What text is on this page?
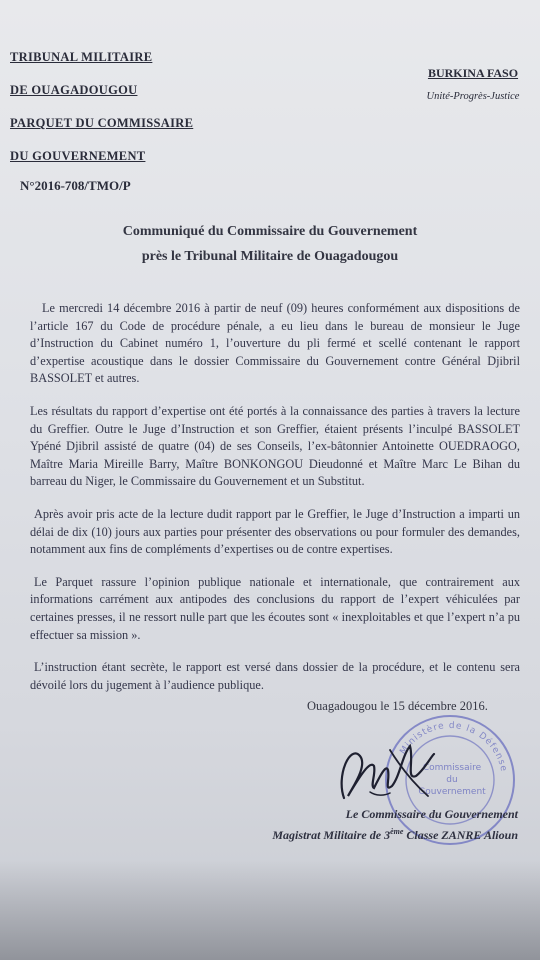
TRIBUNAL MILITAIRE
DE OUAGADOUGOU
PARQUET DU COMMISSAIRE
DU GOUVERNEMENT
BURKINA FASO
Unité-Progrès-Justice
N°2016-708/TMO/P
Communiqué du Commissaire du Gouvernement
près le Tribunal Militaire de Ouagadougou

Le mercredi 14 décembre 2016 à partir de neuf (09) heures conformément aux dispositions de l’article 167 du Code de procédure pénale, a eu lieu dans le bureau de monsieur le Juge d’Instruction du Cabinet numéro 1, l’ouverture du pli fermé et scellé contenant le rapport d’expertise acoustique dans le dossier Commissaire du Gouvernement contre Général Djibril BASSOLET et autres.

Les résultats du rapport d’expertise ont été portés à la connaissance des parties à travers la lecture du Greffier. Outre le Juge d’Instruction et son Greffier, étaient présents l’inculpé BASSOLET Ypéné Djibril assisté de quatre (04) de ses Conseils, l’ex-bâtonnier Antoinette OUEDRAOGO, Maître Maria Mireille Barry, Maître BONKONGOU Dieudonné et Maître Marc Le Bihan du barreau du Niger, le Commissaire du Gouvernement et un Substitut.

Après avoir pris acte de la lecture dudit rapport par le Greffier, le Juge d’Instruction a imparti un délai de dix (10) jours aux parties pour présenter des observations ou pour formuler des demandes, notamment aux fins de compléments d’expertises ou de contre expertises.

Le Parquet rassure l’opinion publique nationale et internationale, que contrairement aux informations carrément aux antipodes des conclusions du rapport de l’expert véhiculées par certaines presses, il ne ressort nulle part que les écoutes sont « inexploitables et que l’expert n’a pu effectuer sa mission ».

L’instruction étant secrète, le rapport est versé dans dossier de la procédure, et le contenu sera dévoilé lors du jugement à l’audience publique.

Ouagadougou le 15 décembre 2016.
Ministère de la Défense
Commissaire
du
Gouvernement
Le Commissaire du Gouvernement
Magistrat Militaire de 3ème Classe ZANRE Alioun
